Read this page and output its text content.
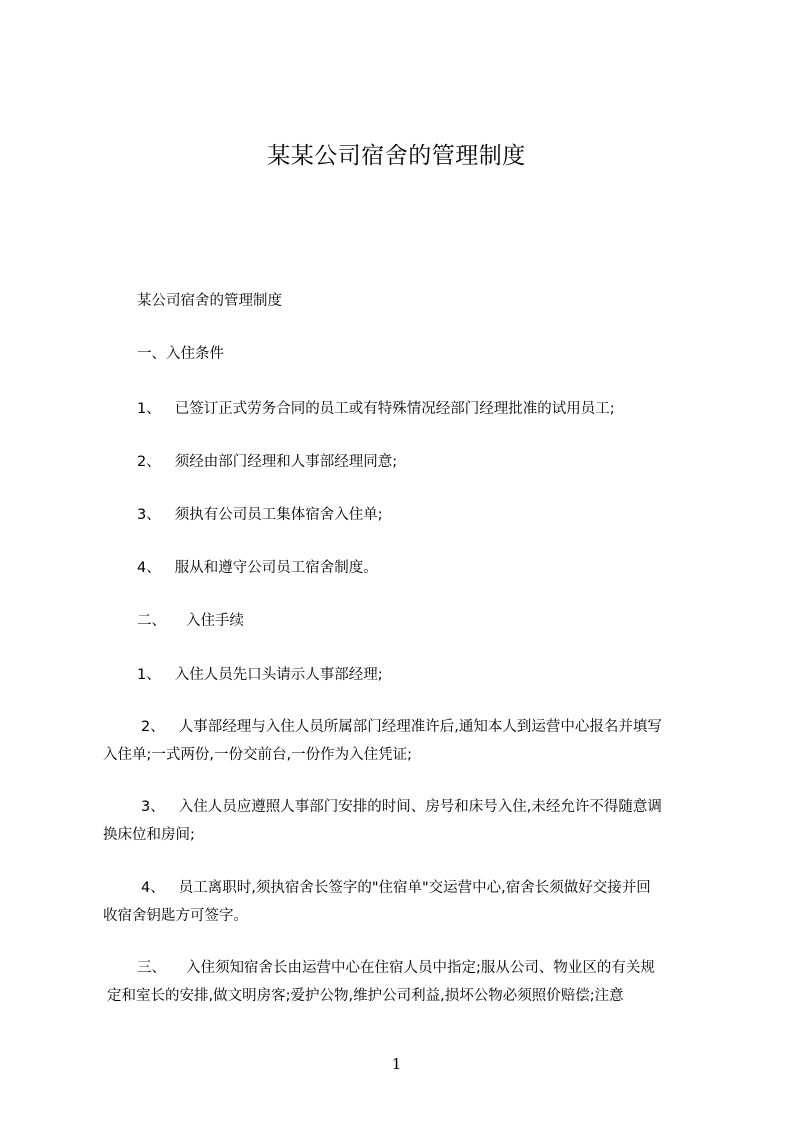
某某公司宿舍的管理制度
某公司宿舍的管理制度
一、入住条件
1、 已签订正式劳务合同的员工或有特殊情况经部门经理批准的试用员工;
2、 须经由部门经理和人事部经理同意;
3、 须执有公司员工集体宿舍入住单;
4、 服从和遵守公司员工宿舍制度。
二、 入住手续
1、 入住人员先口头请示人事部经理;
2、 人事部经理与入住人员所属部门经理准许后,通知本人到运营中心报名并填写
入住单;一式两份,一份交前台,一份作为入住凭证;
3、 入住人员应遵照人事部门安排的时间、房号和床号入住,未经允许不得随意调
换床位和房间;
4、 员工离职时,须执宿舍长签字的"住宿单"交运营中心,宿舍长须做好交接并回
收宿舍钥匙方可签字。
三、 入住须知宿舍长由运营中心在住宿人员中指定;服从公司、物业区的有关规
定和室长的安排,做文明房客;爱护公物,维护公司利益,损坏公物必须照价赔偿;注意
1
